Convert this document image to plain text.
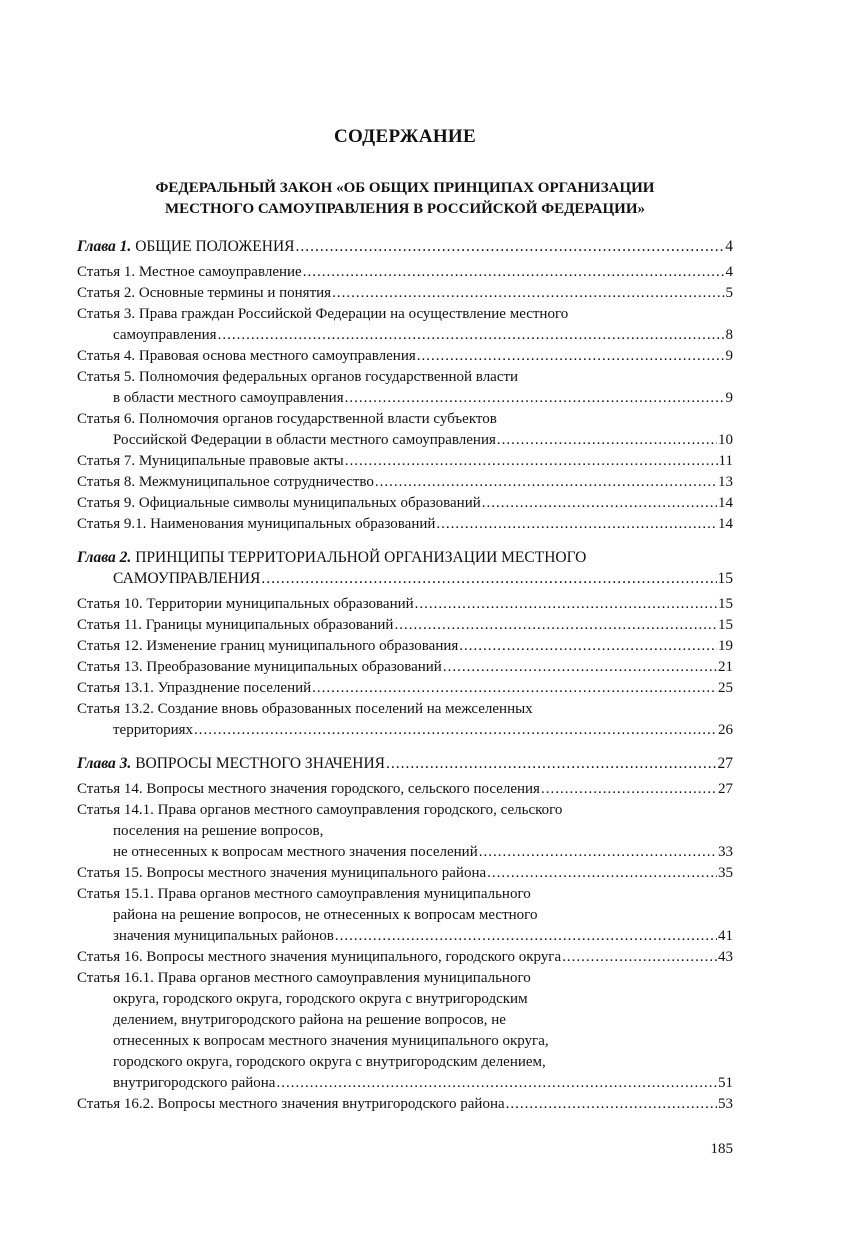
СОДЕРЖАНИЕ
ФЕДЕРАЛЬНЫЙ ЗАКОН «ОБ ОБЩИХ ПРИНЦИПАХ ОРГАНИЗАЦИИ
МЕСТНОГО САМОУПРАВЛЕНИЯ В РОССИЙСКОЙ ФЕДЕРАЦИИ»
Глава 1. ОБЩИЕ ПОЛОЖЕНИЯ .....	4
Статья 1. Местное самоуправление .....	4
Статья 2. Основные термины и понятия .....	5
Статья 3. Права граждан Российской Федерации на осуществление местного
самоуправления .....	8
Статья 4. Правовая основа местного самоуправления .....	9
Статья 5. Полномочия федеральных органов государственной власти
в области местного самоуправления .....	9
Статья 6. Полномочия органов государственной власти субъектов
Российской Федерации в области местного самоуправления .....	10
Статья 7. Муниципальные правовые акты .....	11
Статья 8. Межмуниципальное сотрудничество .....	13
Статья 9. Официальные символы муниципальных образований .....	14
Статья 9.1. Наименования муниципальных образований .....	14
Глава 2. ПРИНЦИПЫ ТЕРРИТОРИАЛЬНОЙ ОРГАНИЗАЦИИ МЕСТНОГО
САМОУПРАВЛЕНИЯ .....	15
Статья 10. Территории муниципальных образований .....	15
Статья 11. Границы муниципальных образований .....	15
Статья 12. Изменение границ муниципального образования .....	19
Статья 13. Преобразование муниципальных образований .....	21
Статья 13.1. Упразднение поселений .....	25
Статья 13.2. Создание вновь образованных поселений на межселенных
территориях .....	26
Глава 3. ВОПРОСЫ МЕСТНОГО ЗНАЧЕНИЯ .....	27
Статья 14. Вопросы местного значения городского, сельского поселения .....	27
Статья 14.1. Права органов местного самоуправления городского, сельского
поселения на решение вопросов,
не отнесенных к вопросам местного значения поселений .....	33
Статья 15. Вопросы местного значения муниципального района .....	35
Статья 15.1. Права органов местного самоуправления муниципального
района на решение вопросов, не отнесенных к вопросам местного
значения муниципальных районов .....	41
Статья 16. Вопросы местного значения муниципального, городского округа .....	43
Статья 16.1. Права органов местного самоуправления муниципального
округа, городского округа, городского округа с внутригородским
делением, внутригородского района на решение вопросов, не
отнесенных к вопросам местного значения муниципального округа,
городского округа, городского округа с внутригородским делением,
внутригородского района .....	51
Статья 16.2. Вопросы местного значения внутригородского района .....	53
185
